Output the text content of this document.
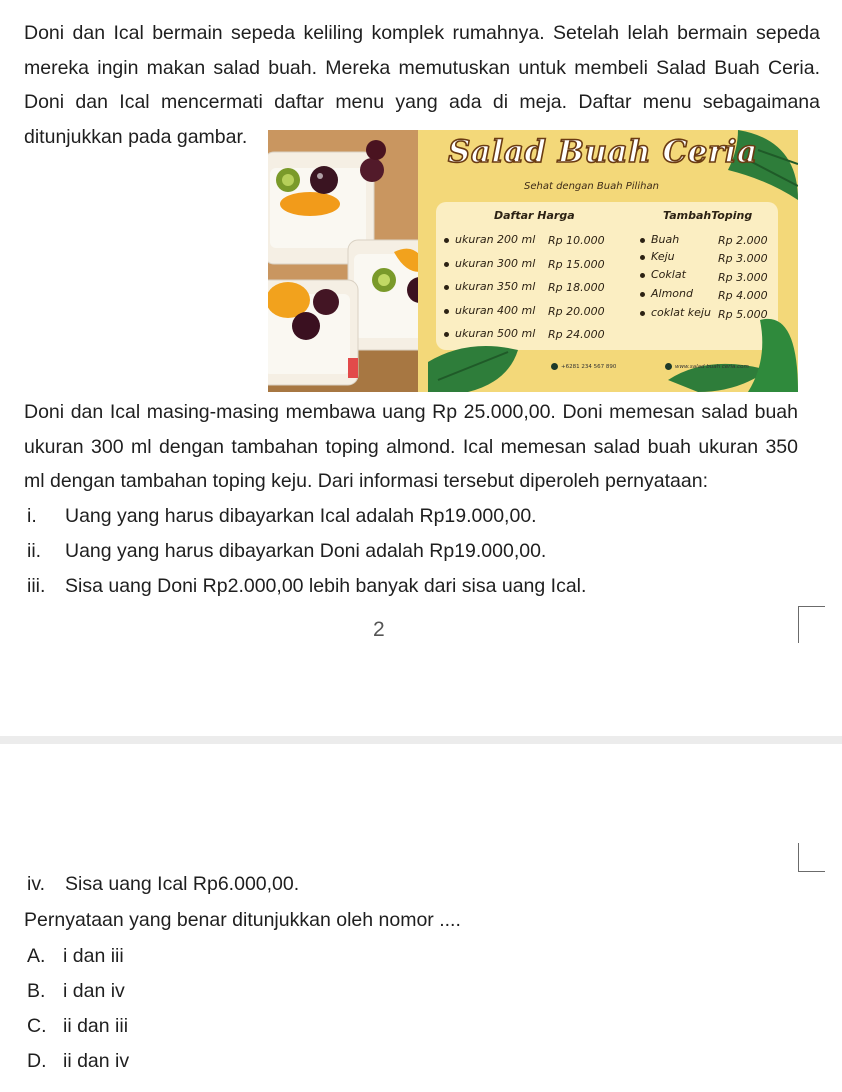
Doni dan Ical bermain sepeda keliling komplek rumahnya. Setelah lelah bermain sepeda mereka ingin makan salad buah. Mereka memutuskan untuk membeli Salad Buah Ceria. Doni dan Ical mencermati daftar menu yang ada di meja. Daftar menu sebagaimana ditunjukkan pada gambar.	Salad Buah Ceria
Sehat dengan Buah Pilihan
Daftar Harga	TambahToping
ukuran 200 ml Rp 10.000
ukuran 300 ml Rp 15.000
ukuran 350 ml Rp 18.000
ukuran 400 ml Rp 20.000
ukuran 500 ml Rp 24.000
Buah	Rp 2.000
Keju	Rp 3.000
Coklat	Rp 3.000
Almond Rp 4.000
coklat keju Rp 5.000
+6281 234 567 890	www.salad buah ceria.com
Doni dan Ical masing-masing membawa uang Rp 25.000,00. Doni memesan salad buah ukuran 300 ml dengan tambahan toping almond. Ical memesan salad buah ukuran 350 ml dengan tambahan toping keju. Dari informasi tersebut diperoleh pernyataan:
i. Uang yang harus dibayarkan Ical adalah Rp19.000,00.
ii. Uang yang harus dibayarkan Doni adalah Rp19.000,00.
iii. Sisa uang Doni Rp2.000,00 lebih banyak dari sisa uang Ical.
2
iv. Sisa uang Ical Rp6.000,00.
Pernyataan yang benar ditunjukkan oleh nomor ....
A. i dan iii
B. i dan iv
C. ii dan iii
D. ii dan iv
